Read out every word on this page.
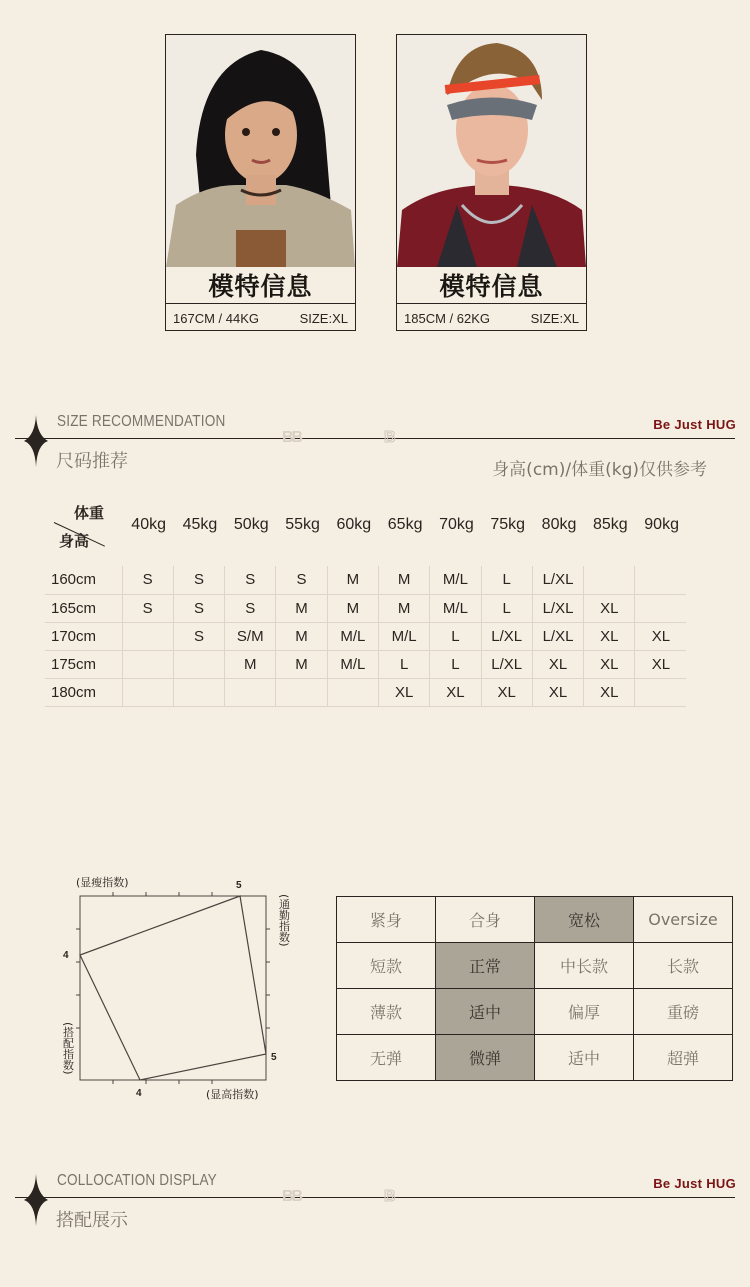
模特信息
167CM / 44KG	SIZE:XL
模特信息
185CM / 62KG	SIZE:XL
SIZE RECOMMENDATION
BB	B
Be Just HUG
尺码推荐	身高(cm)/体重(kg)仅供参考
体重
身高
40kg	45kg	50kg	55kg	60kg	65kg	70kg	75kg	80kg	85kg	90kg
160cm	S	S	S	S	M	M	M/L	L	L/XL		
165cm	S	S	S	M	M	M	M/L	L	L/XL	XL	
170cm		S	S/M	M	M/L	M/L	L	L/XL	L/XL	XL	XL
175cm			M	M	M/L	L	L	L/XL	XL	XL	XL
180cm						XL	XL	XL	XL	XL	
(显瘦指数)	5
4
5
4	(显高指数)
(通勤指数)
(搭配指数)
紧身	合身	宽松	Oversize
短款	正常	中长款	长款
薄款	适中	偏厚	重磅
无弹	微弹	适中	超弹
COLLOCATION DISPLAY
BB	B
Be Just HUG
搭配展示
